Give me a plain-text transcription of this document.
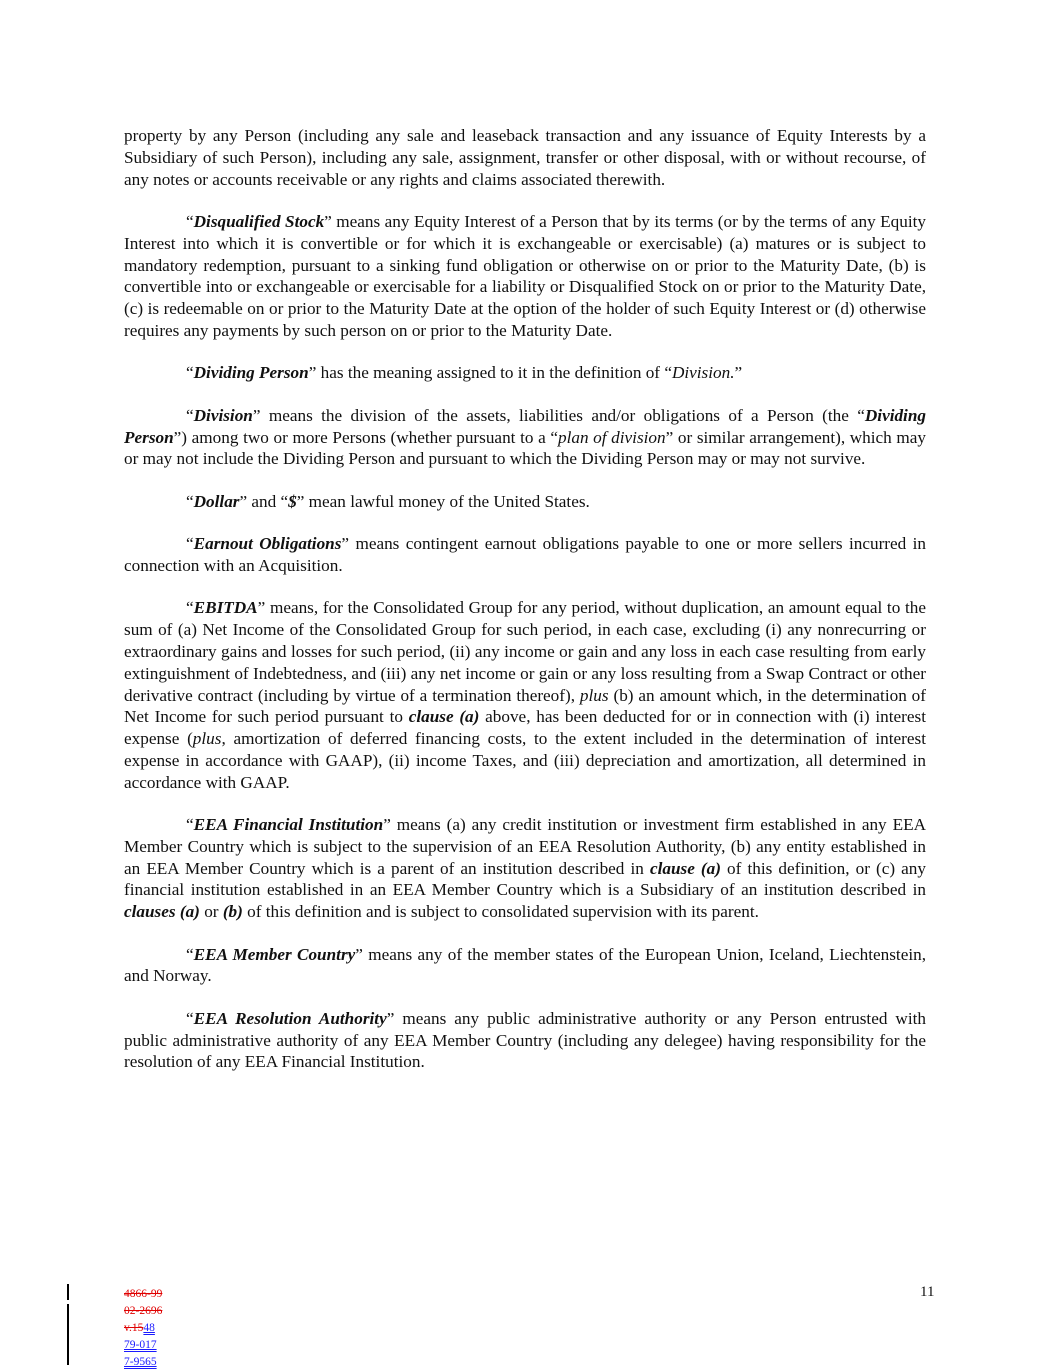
property by any Person (including any sale and leaseback transaction and any issuance of Equity Interests by a Subsidiary of such Person), including any sale, assignment, transfer or other disposal, with or without recourse, of any notes or accounts receivable or any rights and claims associated therewith.

“Disqualified Stock” means any Equity Interest of a Person that by its terms (or by the terms of any Equity Interest into which it is convertible or for which it is exchangeable or exercisable) (a) matures or is subject to mandatory redemption, pursuant to a sinking fund obligation or otherwise on or prior to the Maturity Date, (b) is convertible into or exchangeable or exercisable for a liability or Disqualified Stock on or prior to the Maturity Date, (c) is redeemable on or prior to the Maturity Date at the option of the holder of such Equity Interest or (d) otherwise requires any payments by such person on or prior to the Maturity Date.

“Dividing Person” has the meaning assigned to it in the definition of “Division.”

“Division” means the division of the assets, liabilities and/or obligations of a Person (the “Dividing Person”) among two or more Persons (whether pursuant to a “plan of division” or similar arrangement), which may or may not include the Dividing Person and pursuant to which the Dividing Person may or may not survive.

“Dollar” and “$” mean lawful money of the United States.

“Earnout Obligations” means contingent earnout obligations payable to one or more sellers incurred in connection with an Acquisition.

“EBITDA” means, for the Consolidated Group for any period, without duplication, an amount equal to the sum of (a) Net Income of the Consolidated Group for such period, in each case, excluding (i) any nonrecurring or extraordinary gains and losses for such period, (ii) any income or gain and any loss in each case resulting from early extinguishment of Indebtedness, and (iii) any net income or gain or any loss resulting from a Swap Contract or other derivative contract (including by virtue of a termination thereof), plus (b) an amount which, in the determination of Net Income for such period pursuant to clause (a) above, has been deducted for or in connection with (i) interest expense (plus, amortization of deferred financing costs, to the extent included in the determination of interest expense in accordance with GAAP), (ii) income Taxes, and (iii) depreciation and amortization, all determined in accordance with GAAP.

“EEA Financial Institution” means (a) any credit institution or investment firm established in any EEA Member Country which is subject to the supervision of an EEA Resolution Authority, (b) any entity established in an EEA Member Country which is a parent of an institution described in clause (a) of this definition, or (c) any financial institution established in an EEA Member Country which is a Subsidiary of an institution described in clauses (a) or (b) of this definition and is subject to consolidated supervision with its parent.

“EEA Member Country” means any of the member states of the European Union, Iceland, Liechtenstein, and Norway.

“EEA Resolution Authority” means any public administrative authority or any Person entrusted with public administrative authority of any EEA Member Country (including any delegee) having responsibility for the resolution of any EEA Financial Institution.

4866-99
02-2696
v.1548
79-017
7-9565
11
